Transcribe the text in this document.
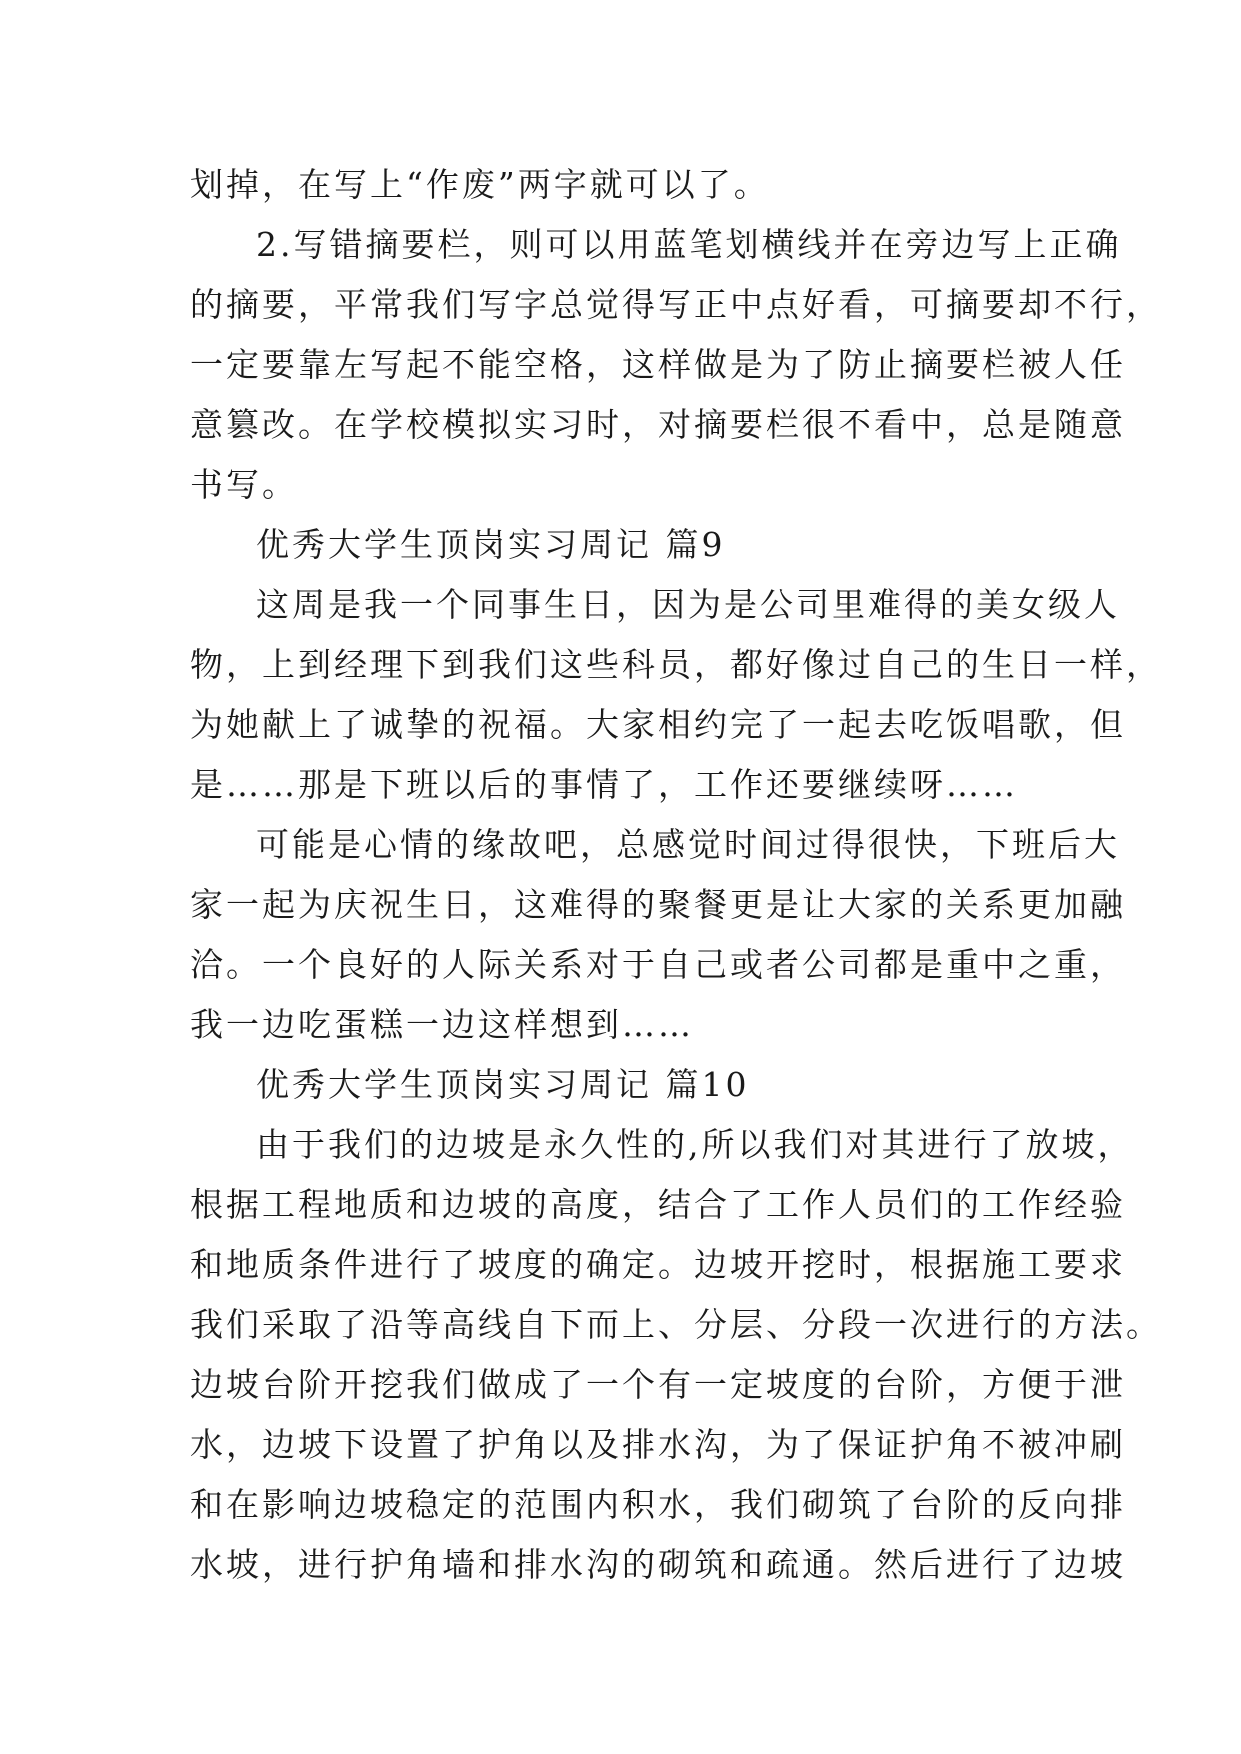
划掉，在写上“作废”两字就可以了。
2.写错摘要栏，则可以用蓝笔划横线并在旁边写上正确
的摘要，平常我们写字总觉得写正中点好看，可摘要却不行，
一定要靠左写起不能空格，这样做是为了防止摘要栏被人任
意篡改。在学校模拟实习时，对摘要栏很不看中，总是随意
书写。
优秀大学生顶岗实习周记 篇9
这周是我一个同事生日，因为是公司里难得的美女级人
物，上到经理下到我们这些科员，都好像过自己的生日一样，
为她献上了诚挚的祝福。大家相约完了一起去吃饭唱歌，但
是……那是下班以后的事情了，工作还要继续呀……
可能是心情的缘故吧，总感觉时间过得很快，下班后大
家一起为庆祝生日，这难得的聚餐更是让大家的关系更加融
洽。一个良好的人际关系对于自己或者公司都是重中之重，
我一边吃蛋糕一边这样想到……
优秀大学生顶岗实习周记 篇10
由于我们的边坡是永久性的,所以我们对其进行了放坡，
根据工程地质和边坡的高度，结合了工作人员们的工作经验
和地质条件进行了坡度的确定。边坡开挖时，根据施工要求
我们采取了沿等高线自下而上、分层、分段一次进行的方法。
边坡台阶开挖我们做成了一个有一定坡度的台阶，方便于泄
水，边坡下设置了护角以及排水沟，为了保证护角不被冲刷
和在影响边坡稳定的范围内积水，我们砌筑了台阶的反向排
水坡，进行护角墙和排水沟的砌筑和疏通。然后进行了边坡
